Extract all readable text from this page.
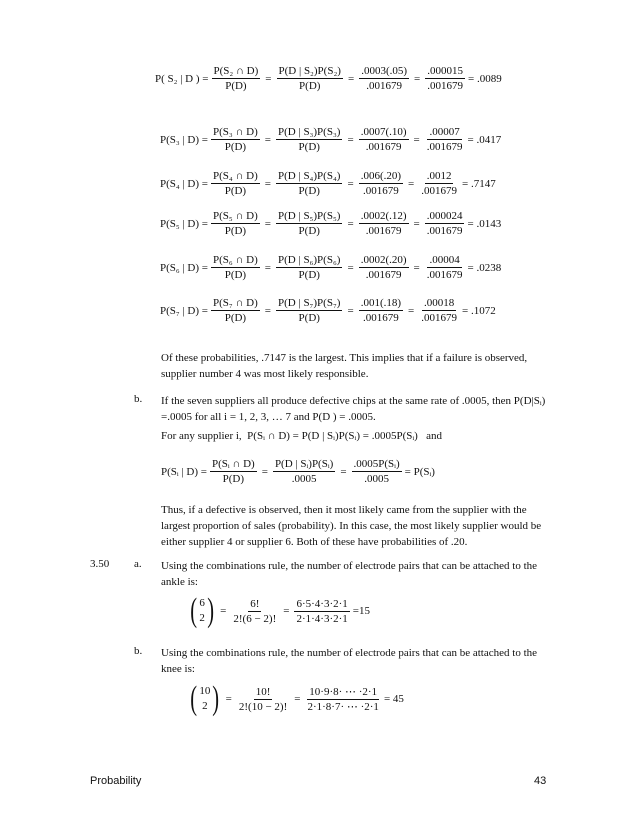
P( S₂ | D ) = $\frac{\text{P(S₂ ∩ D)}}{P(D)} = \frac{\text{P(D | S₂)P(S₂)}}{P(D)} = \frac{.0003(.05)}{.001679} = \frac{.000015}{.001679} = .0089$
P(S₃ | $D) = \frac{\text{P(S₃ ∩ D)}}{P(D)} = \frac{\text{P(D | S₃)P(S₃)}}{P(D)} = \frac{.0007(.10)}{.001679} = \frac{.00007}{.001679} = .0417$
P(S₄ | $D) = \frac{\text{P(S₄ ∩ D)}}{P(D)} = \frac{\text{P(D | S₄)P(S₄)}}{P(D)} = \frac{.006(.20)}{.001679} = \frac{.0012}{.001679} = .7147$
P(S₅ | $D) = \frac{\text{P(S₅ ∩ D)}}{P(D)} = \frac{\text{P(D | S₅)P(S₅)}}{P(D)} = \frac{.0002(.12)}{.001679} = \frac{.000024}{.001679} = .0143$
P(S₆ | $D) = \frac{\text{P(S₆ ∩ D)}}{P(D)} = \frac{\text{P(D | S₆)P(S₆)}}{P(D)} = \frac{.0002(.20)}{.001679} = \frac{.00004}{.001679} = .0238$
P(S₇ | $D) = \frac{\text{P(S₇ ∩ D)}}{P(D)} = \frac{\text{P(D | S₇)P(S₇)}}{P(D)} = \frac{.001(.18)}{.001679} = \frac{.00018}{.001679} = .1072$
Of these probabilities, .7147 is the largest. This implies that if a failure is observed,
supplier number 4 was most likely responsible.
b. If the seven suppliers all produce defective chips at the same rate of .0005, then P(D|Sᵢ)
=.0005 for all i = 1, 2, 3, … 7 and P(D ) = .0005.
For any supplier i, P(Sᵢ ∩ D) = P(D | Sᵢ)P(Sᵢ) = .0005P(Sᵢ) and
P(Sᵢ | $D) = \frac{\text{P(Sᵢ ∩ D)}}{P(D)} = \frac{\text{P(D | Sᵢ)P(Sᵢ)}}{.0005} = \frac{\text{.0005P(Sᵢ)}}{.0005}$ = P(Sᵢ)
Thus, if a defective is observed, then it most likely came from the supplier with the
largest proportion of sales (probability). In this case, the most likely supplier would be
either supplier 4 or supplier 6. Both of these have probabilities of .20.
3.50 a. Using the combinations rule, the number of electrode pairs that can be attached to the
ankle is:
( 6
2 ) = $\frac{6!}{2!(6 - 2)!} = \frac{6\cdot 5\cdot 4\cdot 3\cdot 2\cdot 1}{2\cdot 1\cdot 4\cdot 3\cdot 2\cdot 1} =15$
b. Using the combinations rule, the number of electrode pairs that can be attached to the
knee is:
( 10
2 ) = $\frac{10!}{2!(10 - 2)!} = \frac{10\cdot 9\cdot 8\cdot \cdots \cdot 2\cdot 1}{2\cdot 1\cdot 8\cdot 7\cdot \cdots \cdot 2\cdot 1} = 45$
Probability	43
